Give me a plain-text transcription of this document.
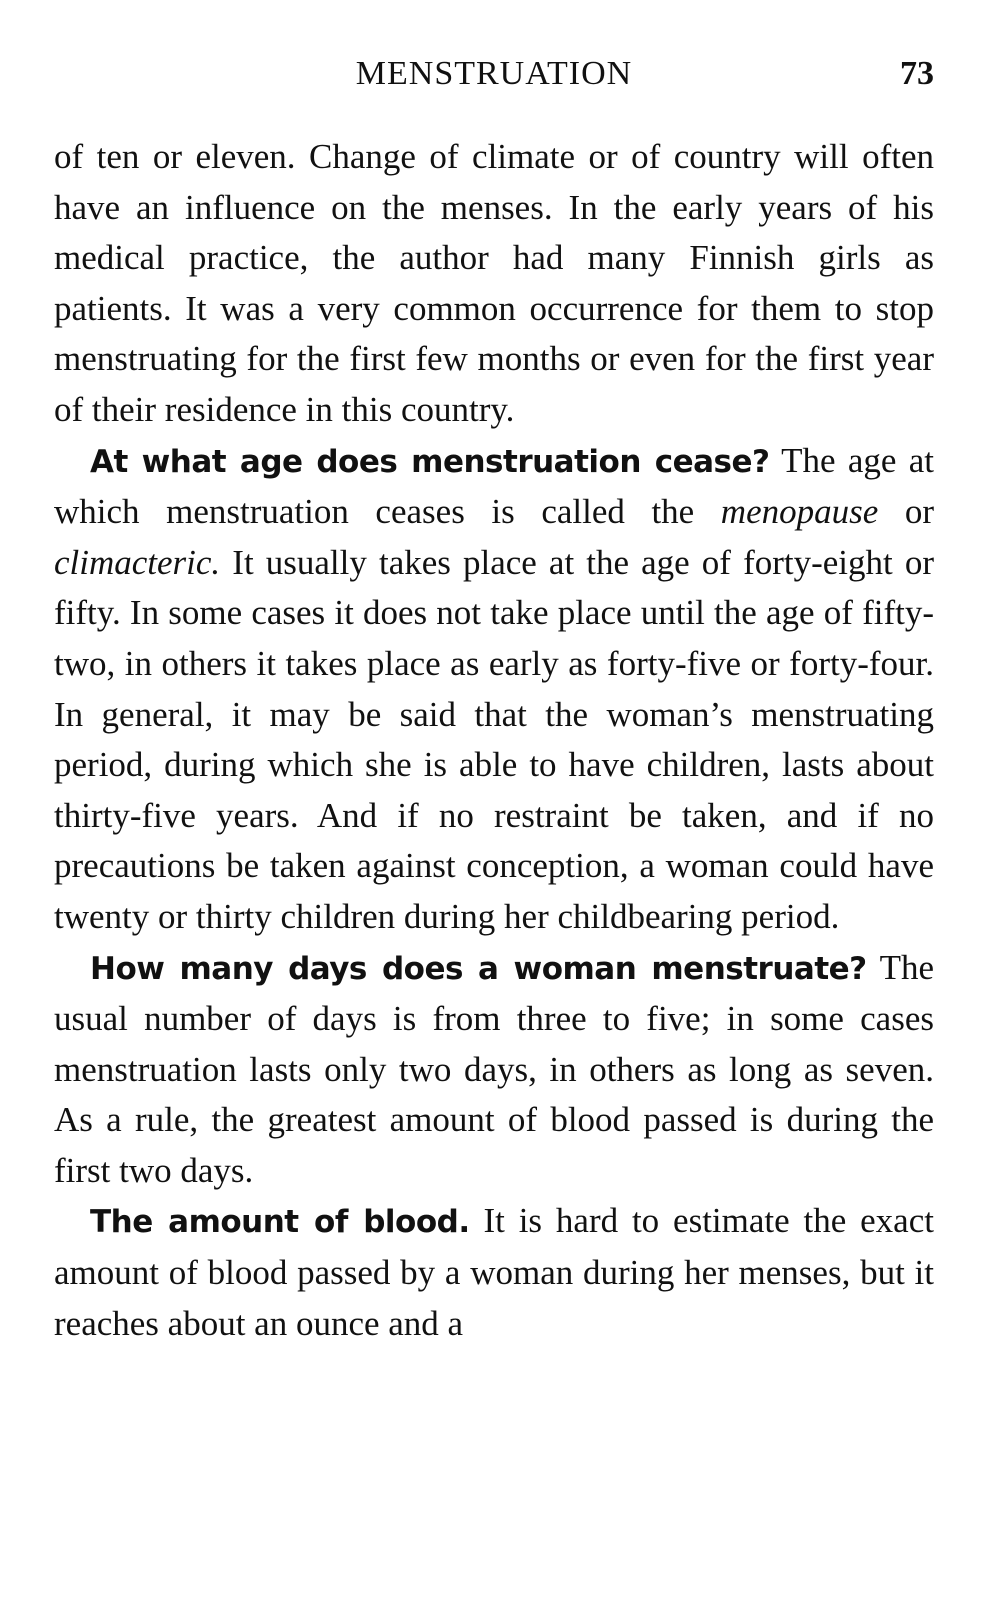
MENSTRUATION	73

of ten or eleven. Change of climate or of country will often have an influence on the menses. In the early years of his medical practice, the author had many Finnish girls as patients. It was a very common occurrence for them to stop menstruating for the first few months or even for the first year of their residence in this country.

At what age does menstruation cease? The age at which menstruation ceases is called the menopause or climacteric. It usually takes place at the age of forty-eight or fifty. In some cases it does not take place until the age of fifty-two, in others it takes place as early as forty-five or forty-four. In general, it may be said that the woman’s menstruating period, during which she is able to have children, lasts about thirty-five years. And if no restraint be taken, and if no precautions be taken against conception, a woman could have twenty or thirty children during her childbearing period.

How many days does a woman menstruate? The usual number of days is from three to five; in some cases menstruation lasts only two days, in others as long as seven. As a rule, the greatest amount of blood passed is during the first two days.

The amount of blood. It is hard to estimate the exact amount of blood passed by a woman during her menses, but it reaches about an ounce and a
